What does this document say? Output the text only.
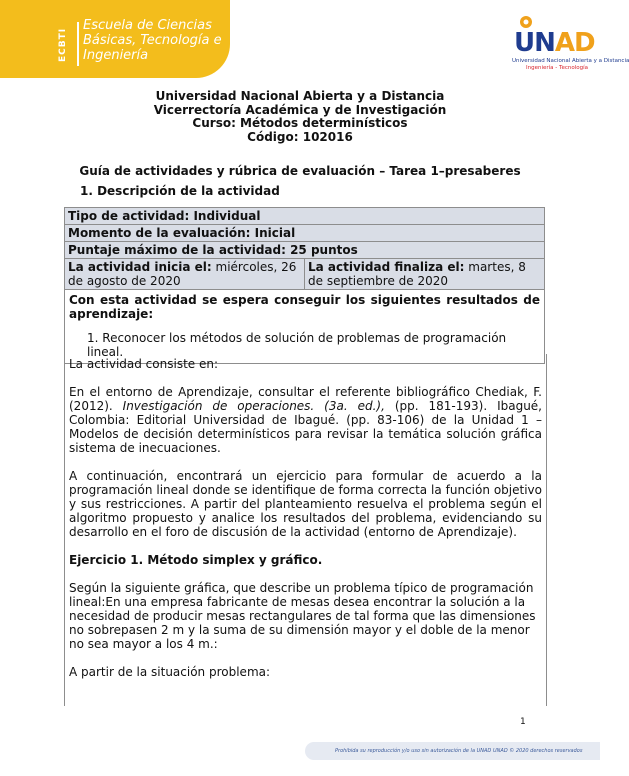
ECBTI
Escuela de Ciencias
Básicas, Tecnología e
Ingeniería	UNAD
Universidad Nacional Abierta y a Distancia
Ingeniería - Tecnología
Universidad Nacional Abierta y a Distancia
Vicerrectoría Académica y de Investigación
Curso: Métodos determinísticos
Código: 102016
Guía de actividades y rúbrica de evaluación – Tarea 1–presaberes
1. Descripción de la actividad
Tipo de actividad: Individual
Momento de la evaluación: Inicial
Puntaje máximo de la actividad: 25 puntos
La actividad inicia el: miércoles, 26 de agosto de 2020	La actividad finaliza el: martes, 8 de septiembre de 2020

Con esta actividad se espera conseguir los siguientes resultados de aprendizaje:
1. Reconocer los métodos de solución de problemas de programación lineal.

La actividad consiste en:

En el entorno de Aprendizaje, consultar el referente bibliográfico Chediak, F. (2012). Investigación de operaciones. (3a. ed.), (pp. 181-193). Ibagué, Colombia: Editorial Universidad de Ibagué. (pp. 83-106) de la Unidad 1 – Modelos de decisión determinísticos para revisar la temática solución gráfica sistema de inecuaciones.

A continuación, encontrará un ejercicio para formular de acuerdo a la programación lineal donde se identifique de forma correcta la función objetivo y sus restricciones. A partir del planteamiento resuelva el problema según el algoritmo propuesto y analice los resultados del problema, evidenciando su desarrollo en el foro de discusión de la actividad (entorno de Aprendizaje).

Ejercicio 1. Método simplex y gráfico.

Según la siguiente gráfica, que describe un problema típico de programación lineal:En una empresa fabricante de mesas desea encontrar la solución a la necesidad de producir mesas rectangulares de tal forma que las dimensiones no sobrepasen 2 m y la suma de su dimensión mayor y el doble de la menor no sea mayor a los 4 m.:

A partir de la situación problema:

1
Prohibida su reproducción y/o uso sin autorización de la UNAD UNAD © 2020 derechos reservados
